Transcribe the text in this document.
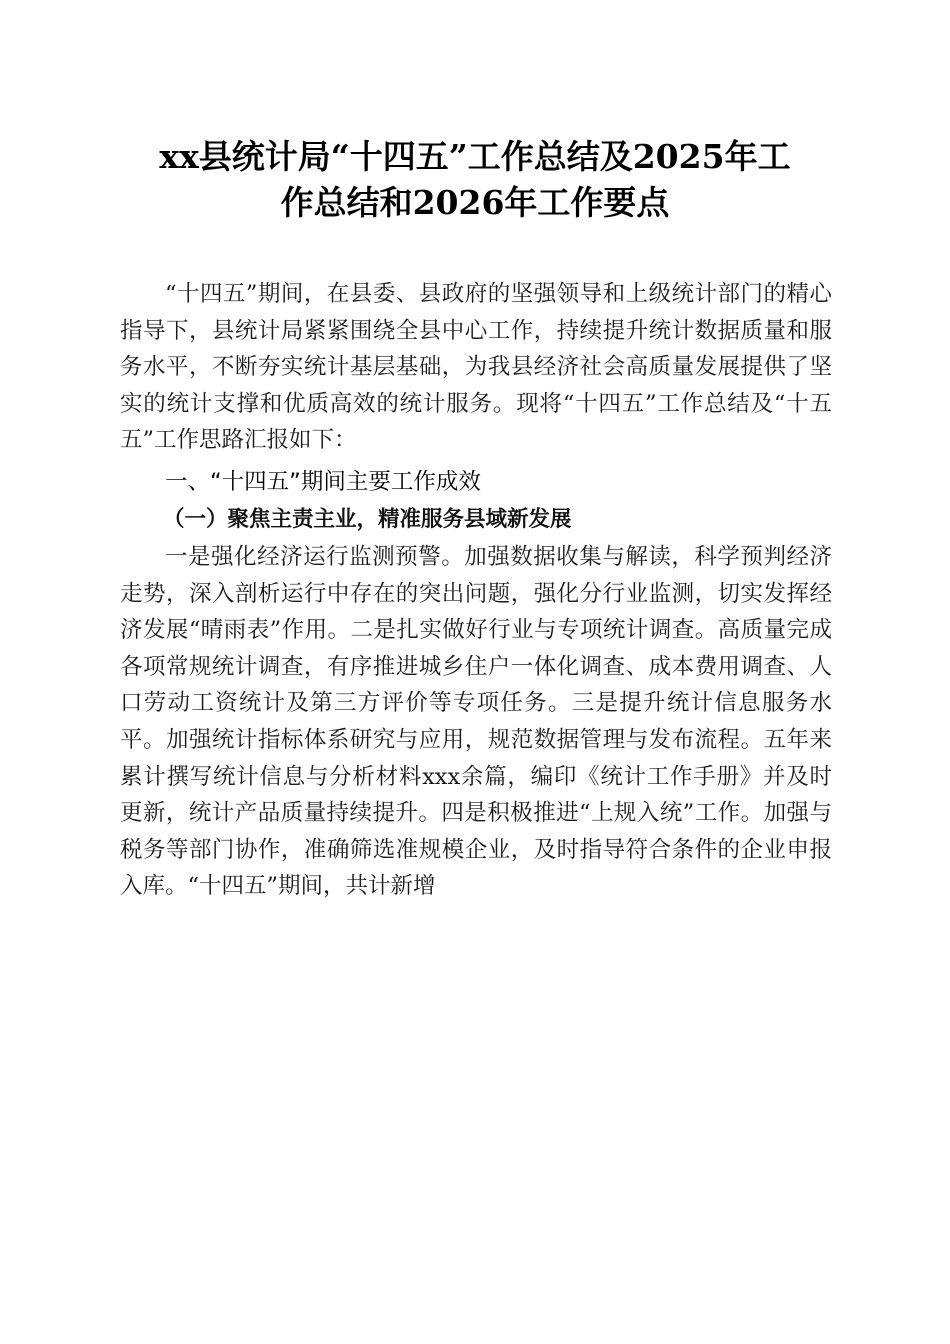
xx县统计局“十四五”工作总结及2025年工
作总结和2026年工作要点

“十四五”期间，在县委、县政府的坚强领导和上级统计部门的精心指导下，县统计局紧紧围绕全县中心工作，持续提升统计数据质量和服务水平，不断夯实统计基层基础，为我县经济社会高质量发展提供了坚实的统计支撑和优质高效的统计服务。现将“十四五”工作总结及“十五五”工作思路汇报如下：

一、“十四五”期间主要工作成效

（一）聚焦主责主业，精准服务县域新发展

一是强化经济运行监测预警。加强数据收集与解读，科学预判经济走势，深入剖析运行中存在的突出问题，强化分行业监测，切实发挥经济发展“晴雨表”作用。二是扎实做好行业与专项统计调查。高质量完成各项常规统计调查，有序推进城乡住户一体化调查、成本费用调查、人口劳动工资统计及第三方评价等专项任务。三是提升统计信息服务水平。加强统计指标体系研究与应用，规范数据管理与发布流程。五年来累计撰写统计信息与分析材料xxx余篇，编印《统计工作手册》并及时更新，统计产品质量持续提升。四是积极推进“上规入统”工作。加强与税务等部门协作，准确筛选准规模企业，及时指导符合条件的企业申报入库。“十四五”期间，共计新增
